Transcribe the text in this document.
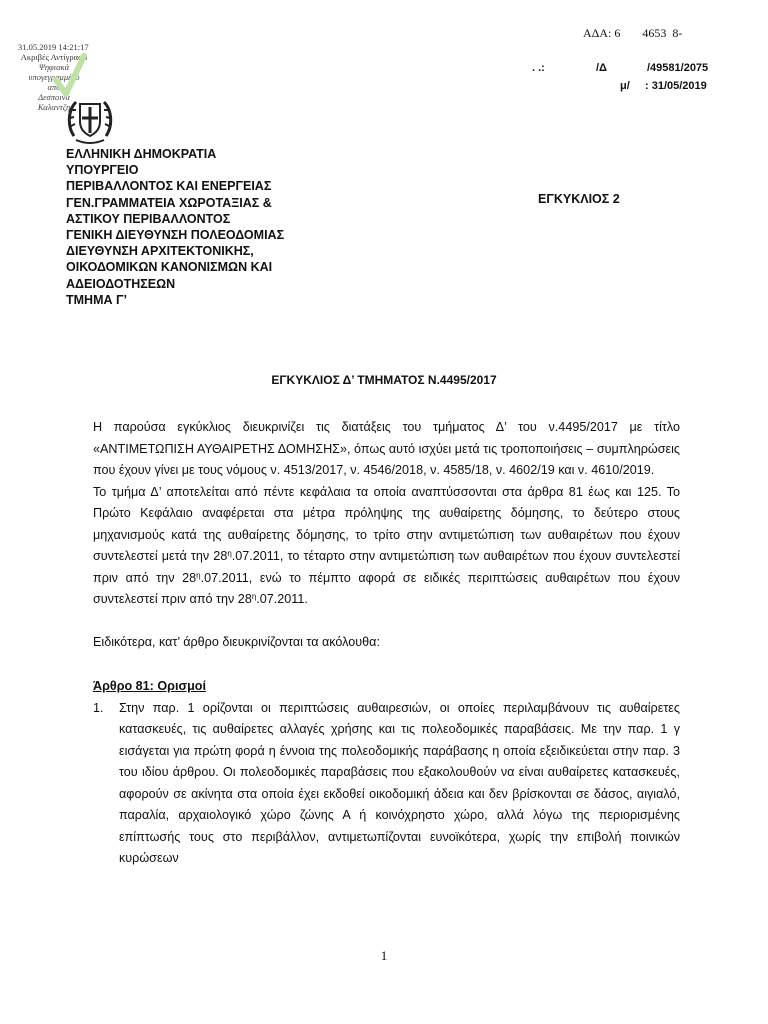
31.05.2019 14:21:17
Ακριβές Αντίγραφο
Ψηφιακά
υπογεγραμμένο
από
Δεσποινα
Καλαντζη
ΑΔΑ: 6 4653 8-
. .:	/Δ	/49581/2075
μ/ : 31/05/2019
ΕΛΛΗΝΙΚΗ ΔΗΜΟΚΡΑΤΙΑ
ΥΠΟΥΡΓΕΙΟ
ΠΕΡΙΒΑΛΛΟΝΤΟΣ ΚΑΙ ΕΝΕΡΓΕΙΑΣ
ΓΕΝ.ΓΡΑΜΜΑΤΕΙΑ ΧΩΡΟΤΑΞΙΑΣ &
ΑΣΤΙΚΟΥ ΠΕΡΙΒΑΛΛΟΝΤΟΣ
ΓΕΝΙΚΗ ΔΙΕΥΘΥΝΣΗ ΠΟΛΕΟΔΟΜΙΑΣ
ΔΙΕΥΘΥΝΣΗ ΑΡΧΙΤΕΚΤΟΝΙΚΗΣ,
ΟΙΚΟΔΟΜΙΚΩΝ ΚΑΝΟΝΙΣΜΩΝ ΚΑΙ
ΑΔΕΙΟΔΟΤΗΣΕΩΝ
ΤΜΗΜΑ Γ’
ΕΓΚΥΚΛΙΟΣ 2
ΕΓΚΥΚΛΙΟΣ Δ’ ΤΜΗΜΑΤΟΣ Ν.4495/2017

Η παρούσα εγκύκλιος διευκρινίζει τις διατάξεις του τμήματος Δ’ του ν.4495/2017 με τίτλο «ΑΝΤΙΜΕΤΩΠΙΣΗ ΑΥΘΑΙΡΕΤΗΣ ΔΟΜΗΣΗΣ», όπως αυτό ισχύει μετά τις τροποποιήσεις – συμπληρώσεις που έχουν γίνει με τους νόμους ν. 4513/2017, ν. 4546/2018, ν. 4585/18, ν. 4602/19 και ν. 4610/2019.

Το τμήμα Δ’ αποτελείται από πέντε κεφάλαια τα οποία αναπτύσσονται στα άρθρα 81 έως και 125. Το Πρώτο Κεφάλαιο αναφέρεται στα μέτρα πρόληψης της αυθαίρετης δόμησης, το δεύτερο στους μηχανισμούς κατά της αυθαίρετης δόμησης, το τρίτο στην αντιμετώπιση των αυθαιρέτων που έχουν συντελεστεί μετά την $28^\eta.07.2011$, το τέταρτο στην αντιμετώπιση των αυθαιρέτων που έχουν συντελεστεί πριν από την $28^\eta.07.2011$, ενώ το πέμπτο αφορά σε ειδικές περιπτώσεις αυθαιρέτων που έχουν συντελεστεί πριν από την $28^\eta.07.2011$.

Ειδικότερα, κατ’ άρθρο διευκρινίζονται τα ακόλουθα:

Άρθρο 81: Ορισμοί

1.	Στην παρ. 1 ορίζονται οι περιπτώσεις αυθαιρεσιών, οι οποίες περιλαμβάνουν τις αυθαίρετες κατασκευές, τις αυθαίρετες αλλαγές χρήσης και τις πολεοδομικές παραβάσεις. Με την παρ. 1 γ εισάγεται για πρώτη φορά η έννοια της πολεοδομικής παράβασης η οποία εξειδικεύεται στην παρ. 3 του ιδίου άρθρου. Οι πολεοδομικές παραβάσεις που εξακολουθούν να είναι αυθαίρετες κατασκευές, αφορούν σε ακίνητα στα οποία έχει εκδοθεί οικοδομική άδεια και δεν βρίσκονται σε δάσος, αιγιαλό, παραλία, αρχαιολογικό χώρο ζώνης Α ή κοινόχρηστο χώρο, αλλά λόγω της περιορισμένης επίπτωσής τους στο περιβάλλον, αντιμετωπίζονται ευνοϊκότερα, χωρίς την επιβολή ποινικών κυρώσεων
1
